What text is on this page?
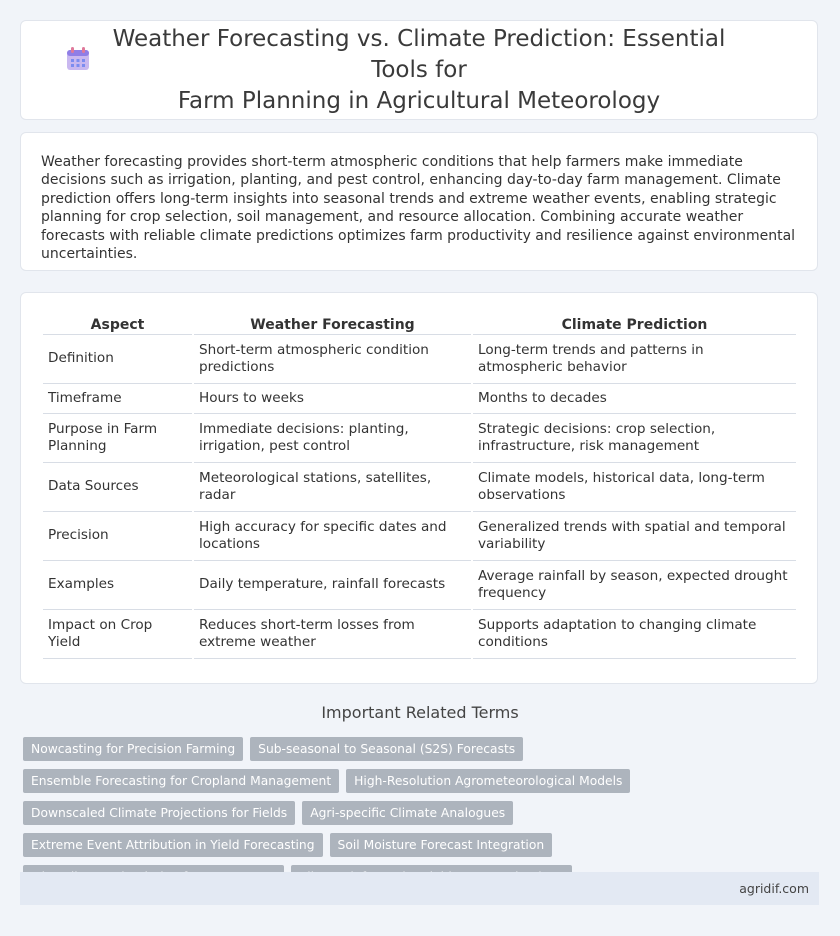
Weather Forecasting vs. Climate Prediction: Essential Tools for
Farm Planning in Agricultural Meteorology

Weather forecasting provides short-term atmospheric conditions that help farmers make immediate decisions such as irrigation, planting, and pest control, enhancing day-to-day farm management. Climate prediction offers long-term insights into seasonal trends and extreme weather events, enabling strategic planning for crop selection, soil management, and resource allocation. Combining accurate weather forecasts with reliable climate predictions optimizes farm productivity and resilience against environmental uncertainties.

Aspect	Weather Forecasting	Climate Prediction
Definition	Short-term atmospheric condition predictions	Long-term trends and patterns in atmospheric behavior
Timeframe	Hours to weeks	Months to decades
Purpose in Farm Planning	Immediate decisions: planting, irrigation, pest control	Strategic decisions: crop selection, infrastructure, risk management
Data Sources	Meteorological stations, satellites, radar	Climate models, historical data, long-term observations
Precision	High accuracy for specific dates and locations	Generalized trends with spatial and temporal variability
Examples	Daily temperature, rainfall forecasts	Average rainfall by season, expected drought frequency
Impact on Crop Yield	Reduces short-term losses from extreme weather	Supports adaptation to changing climate conditions
Important Related Terms
Nowcasting for Precision Farming	Sub-seasonal to Seasonal (S2S) Forecasts
Ensemble Forecasting for Cropland Management	High-Resolution Agrometeorological Models
Downscaled Climate Projections for Fields	Agri-specific Climate Analogues
Extreme Event Attribution in Yield Forecasting	Soil Moisture Forecast Integration
agridif.com
